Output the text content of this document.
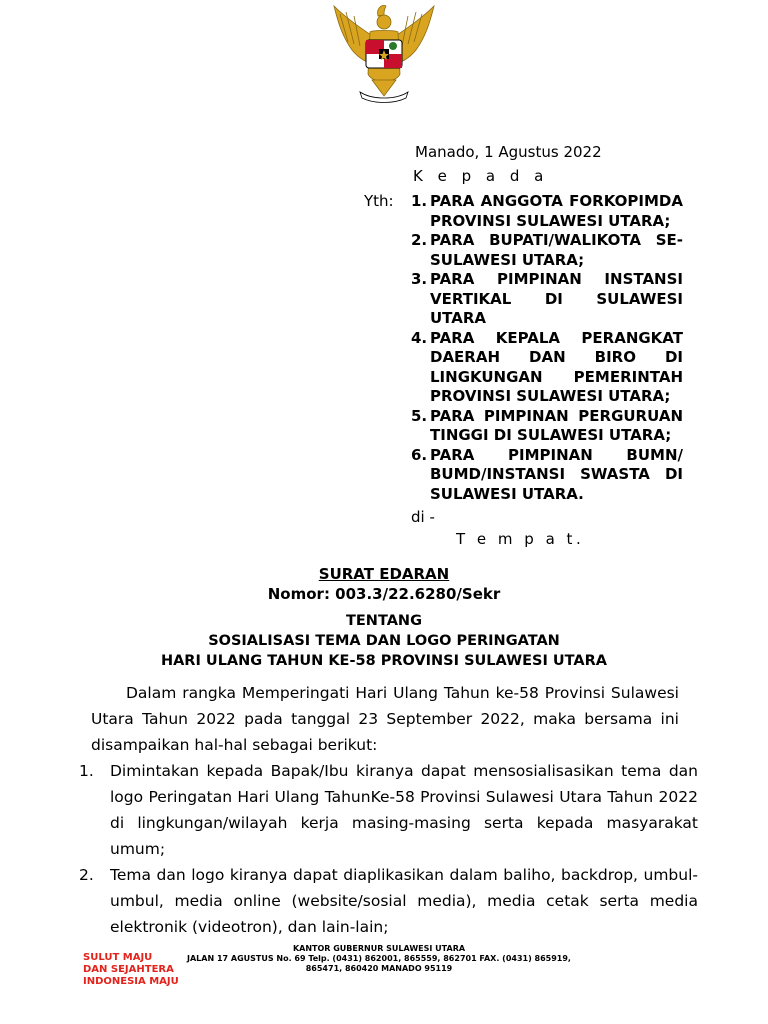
Manado, 1 Agustus 2022
K e p a d a
Yth: 1. PARA ANGGOTA FORKOPIMDA PROVINSI SULAWESI UTARA;
2. PARA BUPATI/WALIKOTA SE-SULAWESI UTARA;
3. PARA PIMPINAN INSTANSI VERTIKAL DI SULAWESI UTARA
4. PARA KEPALA PERANGKAT DAERAH DAN BIRO DI LINGKUNGAN PEMERINTAH PROVINSI SULAWESI UTARA;
5. PARA PIMPINAN PERGURUAN TINGGI DI SULAWESI UTARA;
6. PARA PIMPINAN BUMN/ BUMD/INSTANSI SWASTA DI SULAWESI UTARA.
di -
T e m p a t.
SURAT EDARAN
Nomor: 003.3/22.6280/Sekr
TENTANG
SOSIALISASI TEMA DAN LOGO PERINGATAN
HARI ULANG TAHUN KE-58 PROVINSI SULAWESI UTARA

Dalam rangka Memperingati Hari Ulang Tahun ke-58 Provinsi Sulawesi Utara Tahun 2022 pada tanggal 23 September 2022, maka bersama ini disampaikan hal-hal sebagai berikut:

1. Dimintakan kepada Bapak/Ibu kiranya dapat mensosialisasikan tema dan logo Peringatan Hari Ulang TahunKe-58 Provinsi Sulawesi Utara Tahun 2022 di lingkungan/wilayah kerja masing-masing serta kepada masyarakat umum;
2. Tema dan logo kiranya dapat diaplikasikan dalam baliho, backdrop, umbul-umbul, media online (website/sosial media), media cetak serta media elektronik (videotron), dan lain-lain;
SULUT MAJU
DAN SEJAHTERA
INDONESIA MAJU
KANTOR GUBERNUR SULAWESI UTARA
JALAN 17 AGUSTUS No. 69 Telp. (0431) 862001, 865559, 862701 FAX. (0431) 865919, 865471, 860420 MANADO 95119
